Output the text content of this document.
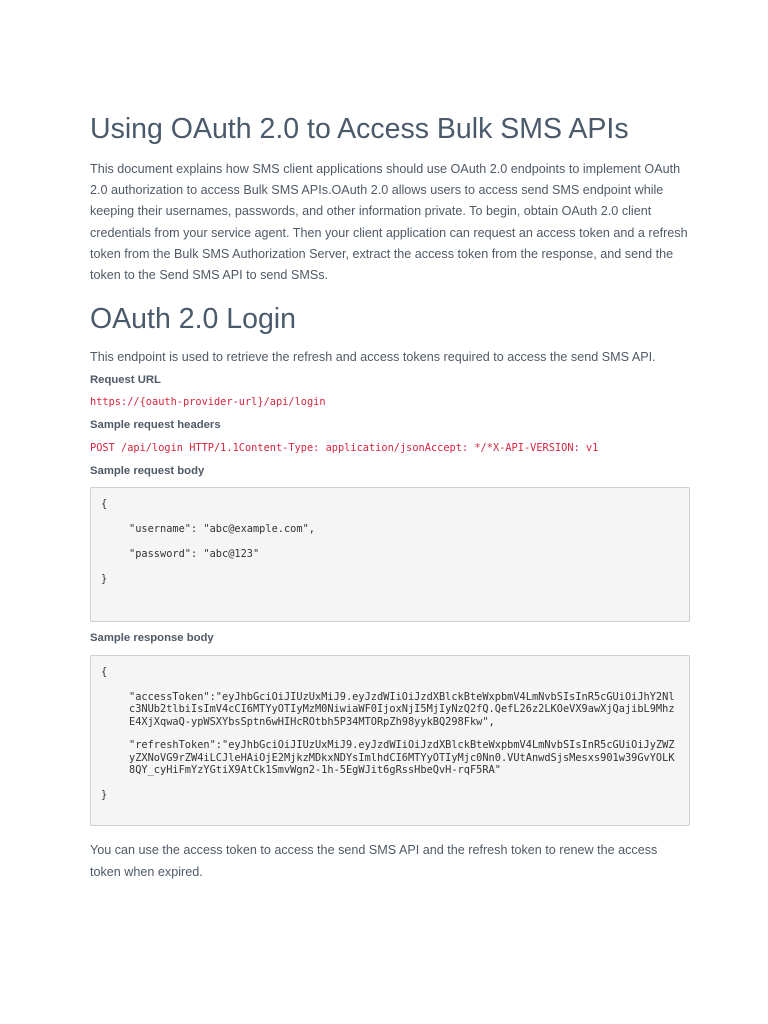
Using OAuth 2.0 to Access Bulk SMS APIs

This document explains how SMS client applications should use OAuth 2.0 endpoints to implement OAuth 2.0 authorization to access Bulk SMS APIs.OAuth 2.0 allows users to access send SMS endpoint while keeping their usernames, passwords, and other information private. To begin, obtain OAuth 2.0 client credentials from your service agent. Then your client application can request an access token and a refresh token from the Bulk SMS Authorization Server, extract the access token from the response, and send the token to the Send SMS API to send SMSs.

OAuth 2.0 Login

This endpoint is used to retrieve the refresh and access tokens required to access the send SMS API.

Request URL

https://{oauth-provider-url}/api/login

Sample request headers

POST /api/login HTTP/1.1Content-Type: application/jsonAccept: */*X-API-VERSION: v1

Sample request body

{

"username": "abc@example.com",

"password": "abc@123"

}

Sample response body

{

"accessToken":"eyJhbGciOiJIUzUxMiJ9.eyJzdWIiOiJzdXBlckBteWxpbmV4LmNvbSIsInR5cGUiOiJhY2Nlc3NUb2tlbiIsImV4cCI6MTYyOTIyMzM0NiwiaWF0IjoxNjI5MjIyNzQ2fQ.QefL26z2LKOeVX9awXjQajibL9MhzE4XjXqwaQ-ypWSXYbsSptn6wHIHcROtbh5P34MTORpZh98yykBQ298Fkw",

"refreshToken":"eyJhbGciOiJIUzUxMiJ9.eyJzdWIiOiJzdXBlckBteWxpbmV4LmNvbSIsInR5cGUiOiJyZWZyZXNoVG9rZW4iLCJleHAiOjE2MjkzMDkxNDYsImlhdCI6MTYyOTIyMjc0Nn0.VUtAnwdSjsMesxs901w39GvYOLK8QY_cyHiFmYzYGtiX9AtCk1SmvWgn2-1h-5EgWJit6gRssHbeQvH-rqF5RA"

}

You can use the access token to access the send SMS API and the refresh token to renew the access token when expired.
